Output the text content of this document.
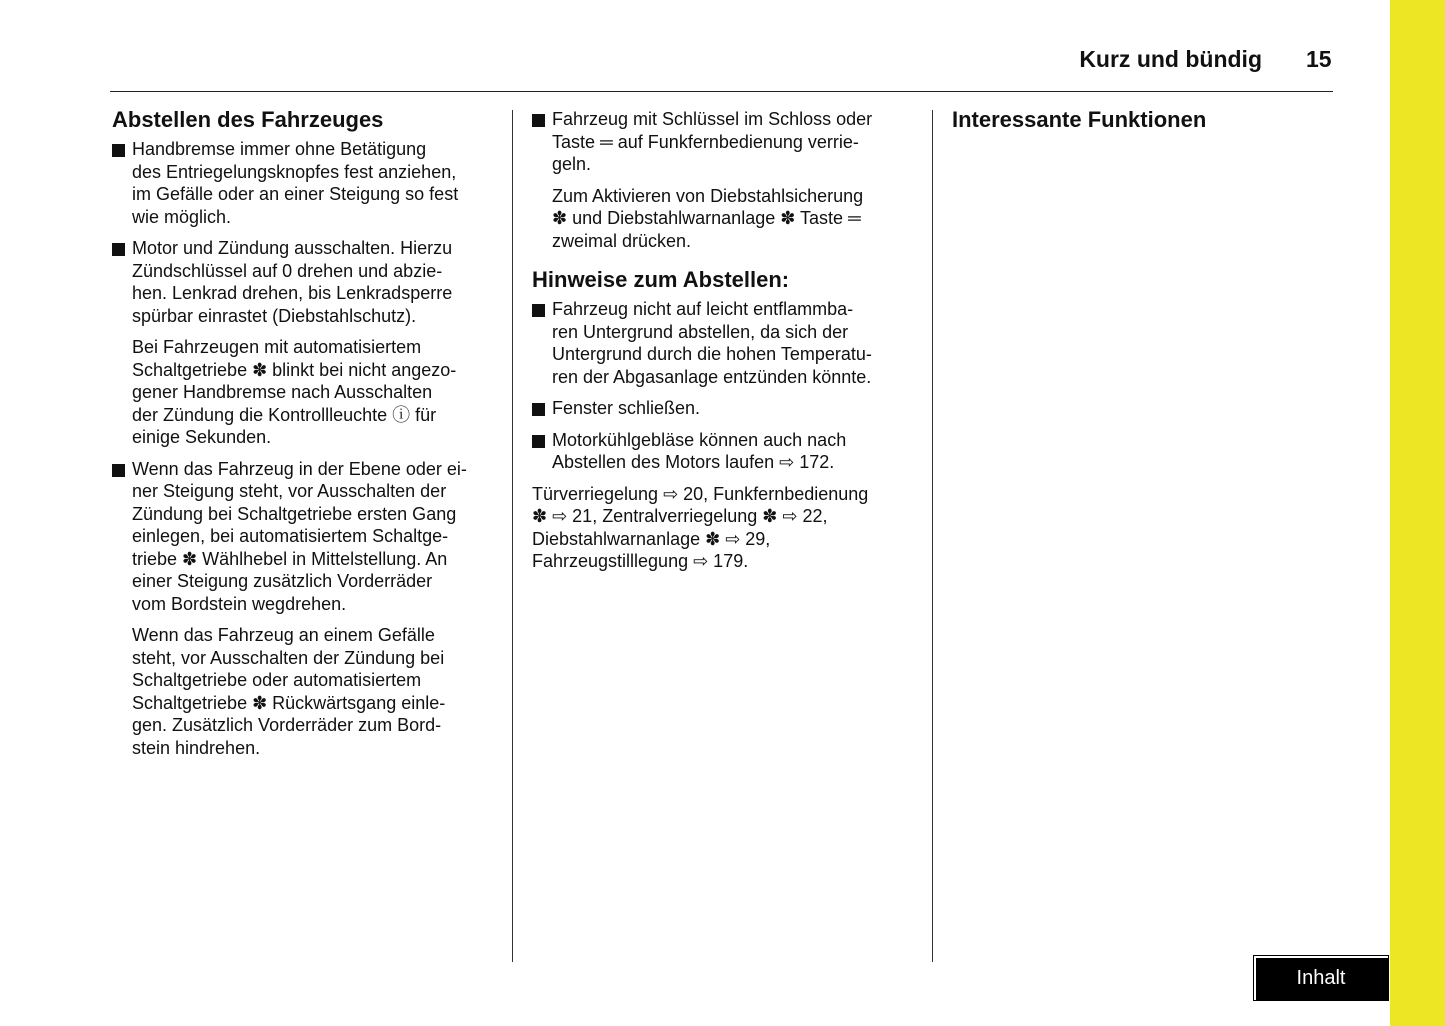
Kurz und bündig 15
Abstellen des Fahrzeuges
Handbremse immer ohne Betätigung
des Entriegelungsknopfes fest anziehen,
im Gefälle oder an einer Steigung so fest
wie möglich.
Motor und Zündung ausschalten. Hierzu
Zündschlüssel auf 0 drehen und abzie-
hen. Lenkrad drehen, bis Lenkradsperre
spürbar einrastet (Diebstahlschutz).
Bei Fahrzeugen mit automatisiertem
Schaltgetriebe ✽ blinkt bei nicht angezo-
gener Handbremse nach Ausschalten
der Zündung die Kontrollleuchte ⓘ für
einige Sekunden.
Wenn das Fahrzeug in der Ebene oder ei-
ner Steigung steht, vor Ausschalten der
Zündung bei Schaltgetriebe ersten Gang
einlegen, bei automatisiertem Schaltge-
triebe ✽ Wählhebel in Mittelstellung. An
einer Steigung zusätzlich Vorderräder
vom Bordstein wegdrehen.
Wenn das Fahrzeug an einem Gefälle
steht, vor Ausschalten der Zündung bei
Schaltgetriebe oder automatisiertem
Schaltgetriebe ✽ Rückwärtsgang einle-
gen. Zusätzlich Vorderräder zum Bord-
stein hindrehen.
Fahrzeug mit Schlüssel im Schloss oder
Taste ═ auf Funkfernbedienung verrie-
geln.
Zum Aktivieren von Diebstahlsicherung
✽ und Diebstahlwarnanlage ✽ Taste ═
zweimal drücken.
Hinweise zum Abstellen:
Fahrzeug nicht auf leicht entflammba-
ren Untergrund abstellen, da sich der
Untergrund durch die hohen Temperatu-
ren der Abgasanlage entzünden könnte.
Fenster schließen.
Motorkühlgebläse können auch nach
Abstellen des Motors laufen ⇨ 172.
Türverriegelung ⇨ 20, Funkfernbedienung
✽ ⇨ 21, Zentralverriegelung ✽ ⇨ 22,
Diebstahlwarnanlage ✽ ⇨ 29,
Fahrzeugstilllegung ⇨ 179.
Interessante Funktionen
Inhalt
